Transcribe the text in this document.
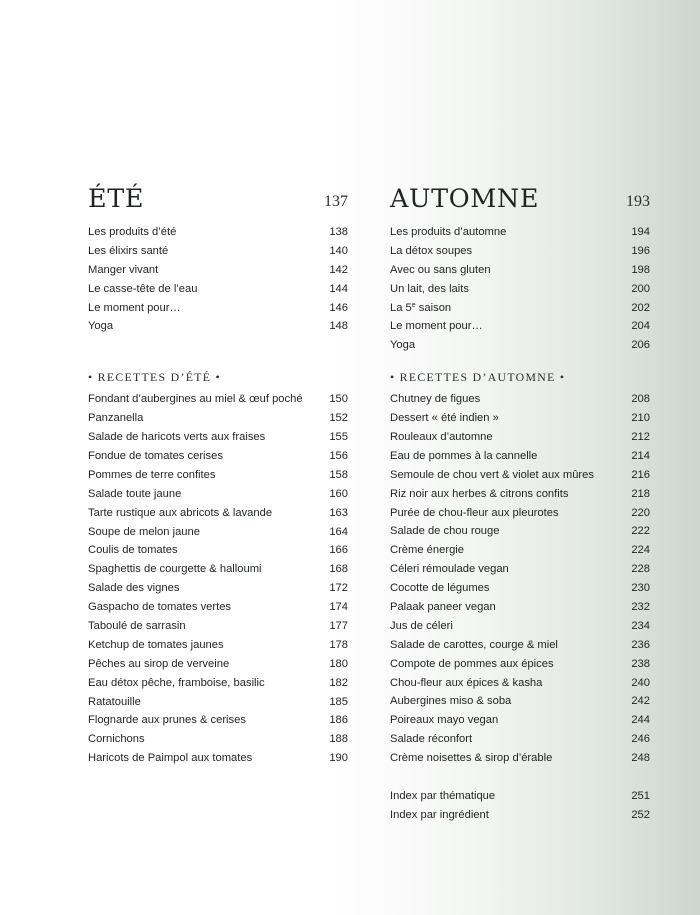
ÉTÉ	137
Les produits d’été	138
Les élixirs santé	140
Manger vivant	142
Le casse-tête de l’eau	144
Le moment pour…	146
Yoga	148
• RECETTES D’ÉTÉ •
Fondant d’aubergines au miel & œuf poché 150
Panzanella	152
Salade de haricots verts aux fraises	155
Fondue de tomates cerises	156
Pommes de terre confites	158
Salade toute jaune	160
Tarte rustique aux abricots & lavande	163
Soupe de melon jaune	164
Coulis de tomates	166
Spaghettis de courgette & halloumi	168
Salade des vignes	172
Gaspacho de tomates vertes	174
Taboulé de sarrasin	177
Ketchup de tomates jaunes	178
Pêches au sirop de verveine	180
Eau détox pêche, framboise, basilic	182
Ratatouille	185
Flognarde aux prunes & cerises	186
Cornichons	188
Haricots de Paimpol aux tomates	190
AUTOMNE	193
Les produits d’automne	194
La détox soupes	196
Avec ou sans gluten	198
Un lait, des laits	200
La 5e saison	202
Le moment pour…	204
Yoga	206
• RECETTES D’AUTOMNE •
Chutney de figues	208
Dessert « été indien »	210
Rouleaux d’automne	212
Eau de pommes à la cannelle	214
Semoule de chou vert & violet aux mûres	216
Riz noir aux herbes & citrons confits	218
Purée de chou-fleur aux pleurotes	220
Salade de chou rouge	222
Crème énergie	224
Céleri rémoulade vegan	228
Cocotte de légumes	230
Palaak paneer vegan	232
Jus de céleri	234
Salade de carottes, courge & miel	236
Compote de pommes aux épices	238
Chou-fleur aux épices & kasha	240
Aubergines miso & soba	242
Poireaux mayo vegan	244
Salade réconfort	246
Crème noisettes & sirop d’érable	248
Index par thématique	251
Index par ingrédient	252
